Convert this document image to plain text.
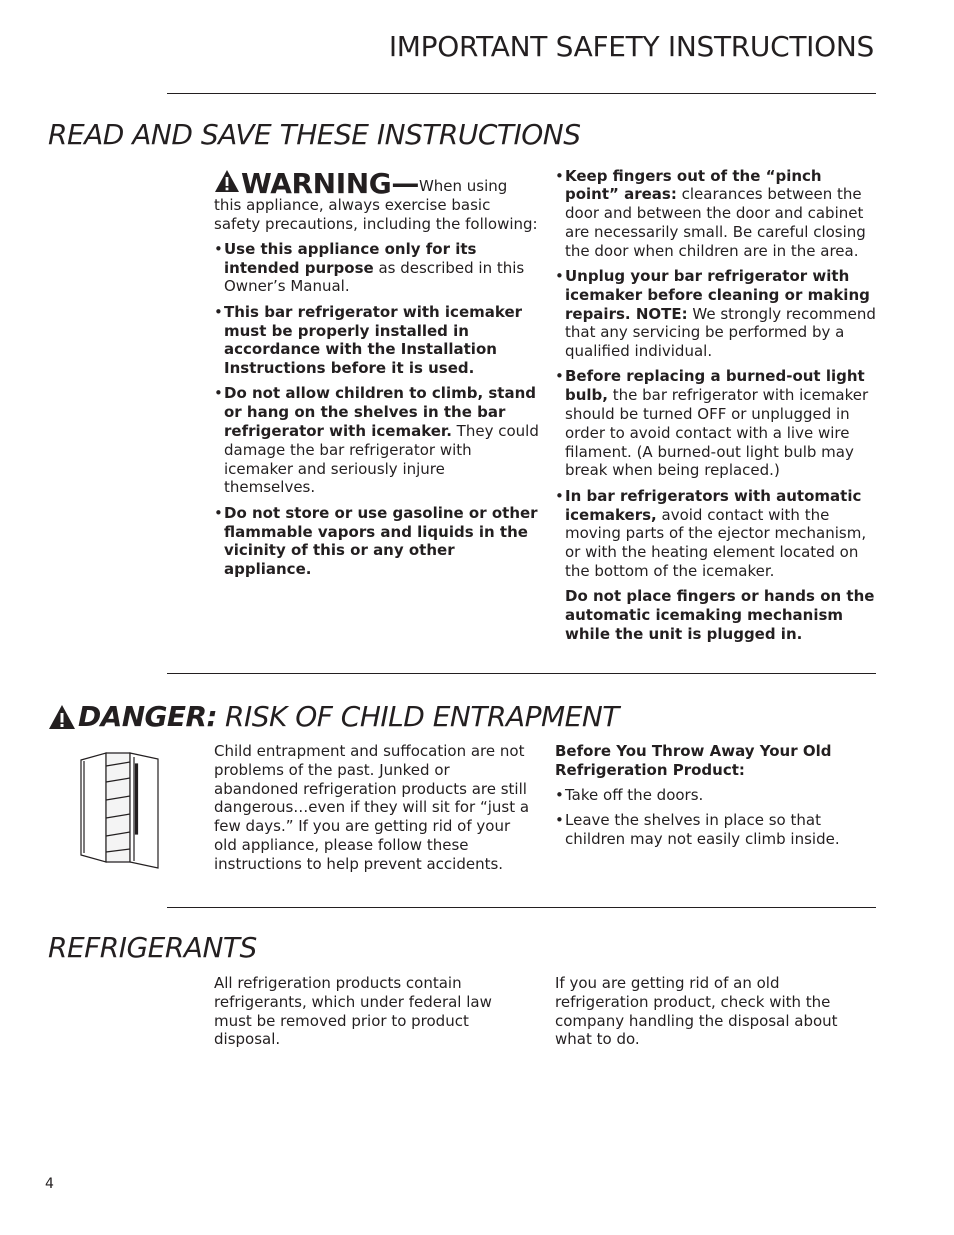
IMPORTANT SAFETY INSTRUCTIONS
READ AND SAVE THESE INSTRUCTIONS

WARNING—When using this appliance, always exercise basic safety precautions, including the following:

• Use this appliance only for its intended purpose as described in this Owner’s Manual.
• This bar refrigerator with icemaker must be properly installed in accordance with the Installation Instructions before it is used.
• Do not allow children to climb, stand or hang on the shelves in the bar refrigerator with icemaker. They could damage the bar refrigerator with icemaker and seriously injure themselves.
• Do not store or use gasoline or other flammable vapors and liquids in the vicinity of this or any other appliance.
• Keep fingers out of the “pinch point” areas: clearances between the door and between the door and cabinet are necessarily small. Be careful closing the door when children are in the area.
• Unplug your bar refrigerator with icemaker before cleaning or making repairs. NOTE: We strongly recommend that any servicing be performed by a qualified individual.
• Before replacing a burned-out light bulb, the bar refrigerator with icemaker should be turned OFF or unplugged in order to avoid contact with a live wire filament. (A burned-out light bulb may break when being replaced.)
• In bar refrigerators with automatic icemakers, avoid contact with the moving parts of the ejector mechanism, or with the heating element located on the bottom of the icemaker.

Do not place fingers or hands on the automatic icemaking mechanism while the unit is plugged in.

DANGER: RISK OF CHILD ENTRAPMENT

Child entrapment and suffocation are not problems of the past. Junked or abandoned refrigeration products are still dangerous…even if they will sit for “just a few days.” If you are getting rid of your old appliance, please follow these instructions to help prevent accidents.

Before You Throw Away Your Old Refrigeration Product:

• Take off the doors.
• Leave the shelves in place so that children may not easily climb inside.
REFRIGERANTS

All refrigeration products contain refrigerants, which under federal law must be removed prior to product disposal.

If you are getting rid of an old refrigeration product, check with the company handling the disposal about what to do.

4
